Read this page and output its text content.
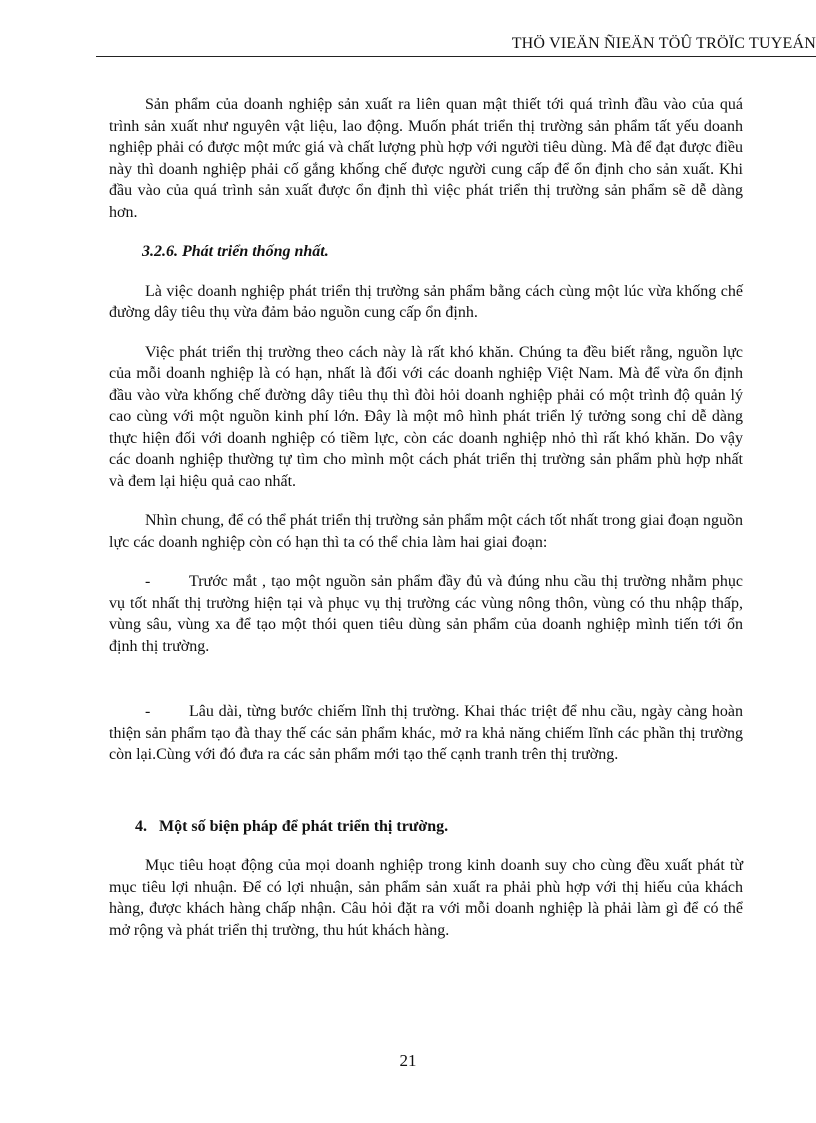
THÖ VIEÄN ÑIEÄN TÖÛ TRÖÏC TUYEÁN

Sản phẩm của doanh nghiệp sản xuất ra liên quan mật thiết tới quá trình đầu vào của quá trình sản xuất như nguyên vật liệu, lao động. Muốn phát triển thị trường sản phẩm tất yếu doanh nghiệp phải có được một mức giá và chất lượng phù hợp với người tiêu dùng. Mà để đạt được điều này thì doanh nghiệp phải cố gắng khống chế được người cung cấp để ổn định cho sản xuất. Khi đầu vào của quá trình sản xuất được ổn định thì việc phát triển thị trường sản phẩm sẽ dễ dàng hơn.

3.2.6. Phát triển thống nhất.

Là việc doanh nghiệp phát triển thị trường sản phẩm bằng cách cùng một lúc vừa khống chế đường dây tiêu thụ vừa đảm bảo nguồn cung cấp ổn định.

Việc phát triển thị trường theo cách này là rất khó khăn. Chúng ta đều biết rằng, nguồn lực của mỗi doanh nghiệp là có hạn, nhất là đối với các doanh nghiệp Việt Nam. Mà để vừa ổn định đầu vào vừa khống chế đường dây tiêu thụ thì đòi hỏi doanh nghiệp phải có một trình độ quản lý cao cùng với một nguồn kinh phí lớn. Đây là một mô hình phát triển lý tưởng song chỉ dễ dàng thực hiện đối với doanh nghiệp có tiềm lực, còn các doanh nghiệp nhỏ thì rất khó khăn. Do vậy các doanh nghiệp thường tự tìm cho mình một cách phát triển thị trường sản phẩm phù hợp nhất và đem lại hiệu quả cao nhất.

Nhìn chung, để có thể phát triển thị trường sản phẩm một cách tốt nhất trong giai đoạn nguồn lực các doanh nghiệp còn có hạn thì ta có thể chia làm hai giai đoạn:

- Trước mắt , tạo một nguồn sản phẩm đầy đủ và đúng nhu cầu thị trường nhằm phục vụ tốt nhất thị trường hiện tại và phục vụ thị trường các vùng nông thôn, vùng có thu nhập thấp, vùng sâu, vùng xa để tạo một thói quen tiêu dùng sản phẩm của doanh nghiệp mình tiến tới ổn định thị trường.

- Lâu dài, từng bước chiếm lĩnh thị trường. Khai thác triệt để nhu cầu, ngày càng hoàn thiện sản phẩm tạo đà thay thế các sản phẩm khác, mở ra khả năng chiếm lĩnh các phần thị trường còn lại.Cùng với đó đưa ra các sản phẩm mới tạo thế cạnh tranh trên thị trường.

4. Một số biện pháp để phát triển thị trường.

Mục tiêu hoạt động của mọi doanh nghiệp trong kinh doanh suy cho cùng đều xuất phát từ mục tiêu lợi nhuận. Để có lợi nhuận, sản phẩm sản xuất ra phải phù hợp với thị hiếu của khách hàng, được khách hàng chấp nhận. Câu hỏi đặt ra với mỗi doanh nghiệp là phải làm gì để có thể mở rộng và phát triển thị trường, thu hút khách hàng.

21
